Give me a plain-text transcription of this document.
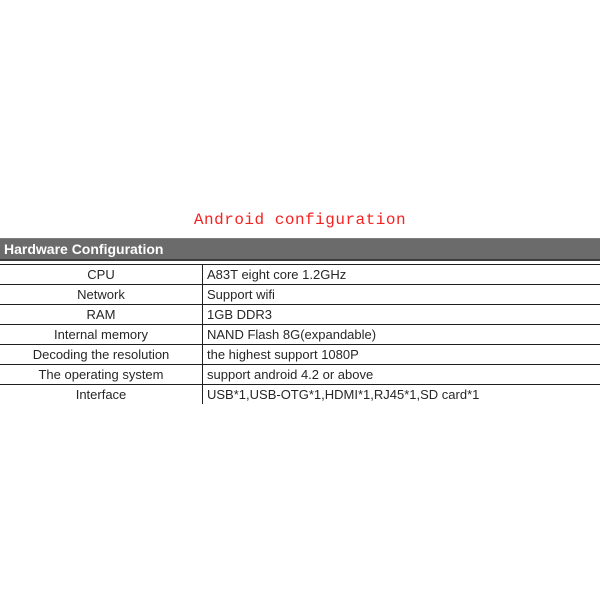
Android configuration
Hardware Configuration
CPU	A83T eight core 1.2GHz
Network	Support wifi
RAM	1GB DDR3
Internal memory	NAND Flash 8G(expandable)
Decoding the resolution	the highest support 1080P
The operating system	support android 4.2 or above
Interface	USB*1,USB-OTG*1,HDMI*1,RJ45*1,SD card*1
